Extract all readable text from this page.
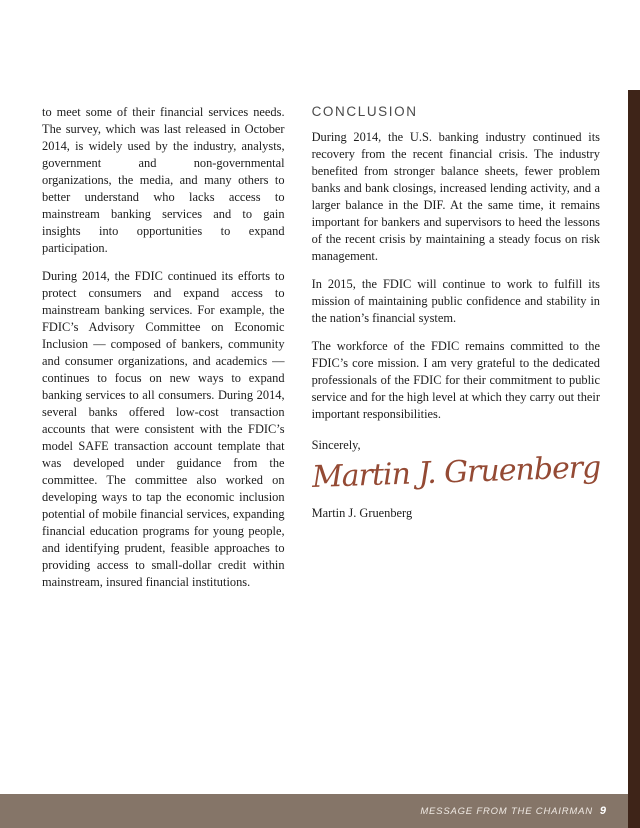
to meet some of their financial services needs. The survey, which was last released in October 2014, is widely used by the industry, analysts, government and non-governmental organizations, the media, and many others to better understand who lacks access to mainstream banking services and to gain insights into opportunities to expand participation.

During 2014, the FDIC continued its efforts to protect consumers and expand access to mainstream banking services. For example, the FDIC’s Advisory Committee on Economic Inclusion — composed of bankers, community and consumer organizations, and academics — continues to focus on new ways to expand banking services to all consumers. During 2014, several banks offered low-cost transaction accounts that were consistent with the FDIC’s model SAFE transaction account template that was developed under guidance from the committee. The committee also worked on developing ways to tap the economic inclusion potential of mobile financial services, expanding financial education programs for young people, and identifying prudent, feasible approaches to providing access to small-dollar credit within mainstream, insured financial institutions.

CONCLUSION

During 2014, the U.S. banking industry continued its recovery from the recent financial crisis. The industry benefited from stronger balance sheets, fewer problem banks and bank closings, increased lending activity, and a larger balance in the DIF. At the same time, it remains important for bankers and supervisors to heed the lessons of the recent crisis by maintaining a steady focus on risk management.

In 2015, the FDIC will continue to work to fulfill its mission of maintaining public confidence and stability in the nation’s financial system.

The workforce of the FDIC remains committed to the FDIC’s core mission. I am very grateful to the dedicated professionals of the FDIC for their commitment to public service and for the high level at which they carry out their important responsibilities.

Sincerely,

Martin J. Gruenberg

Martin J. Gruenberg

MESSAGE FROM THE CHAIRMAN 9
